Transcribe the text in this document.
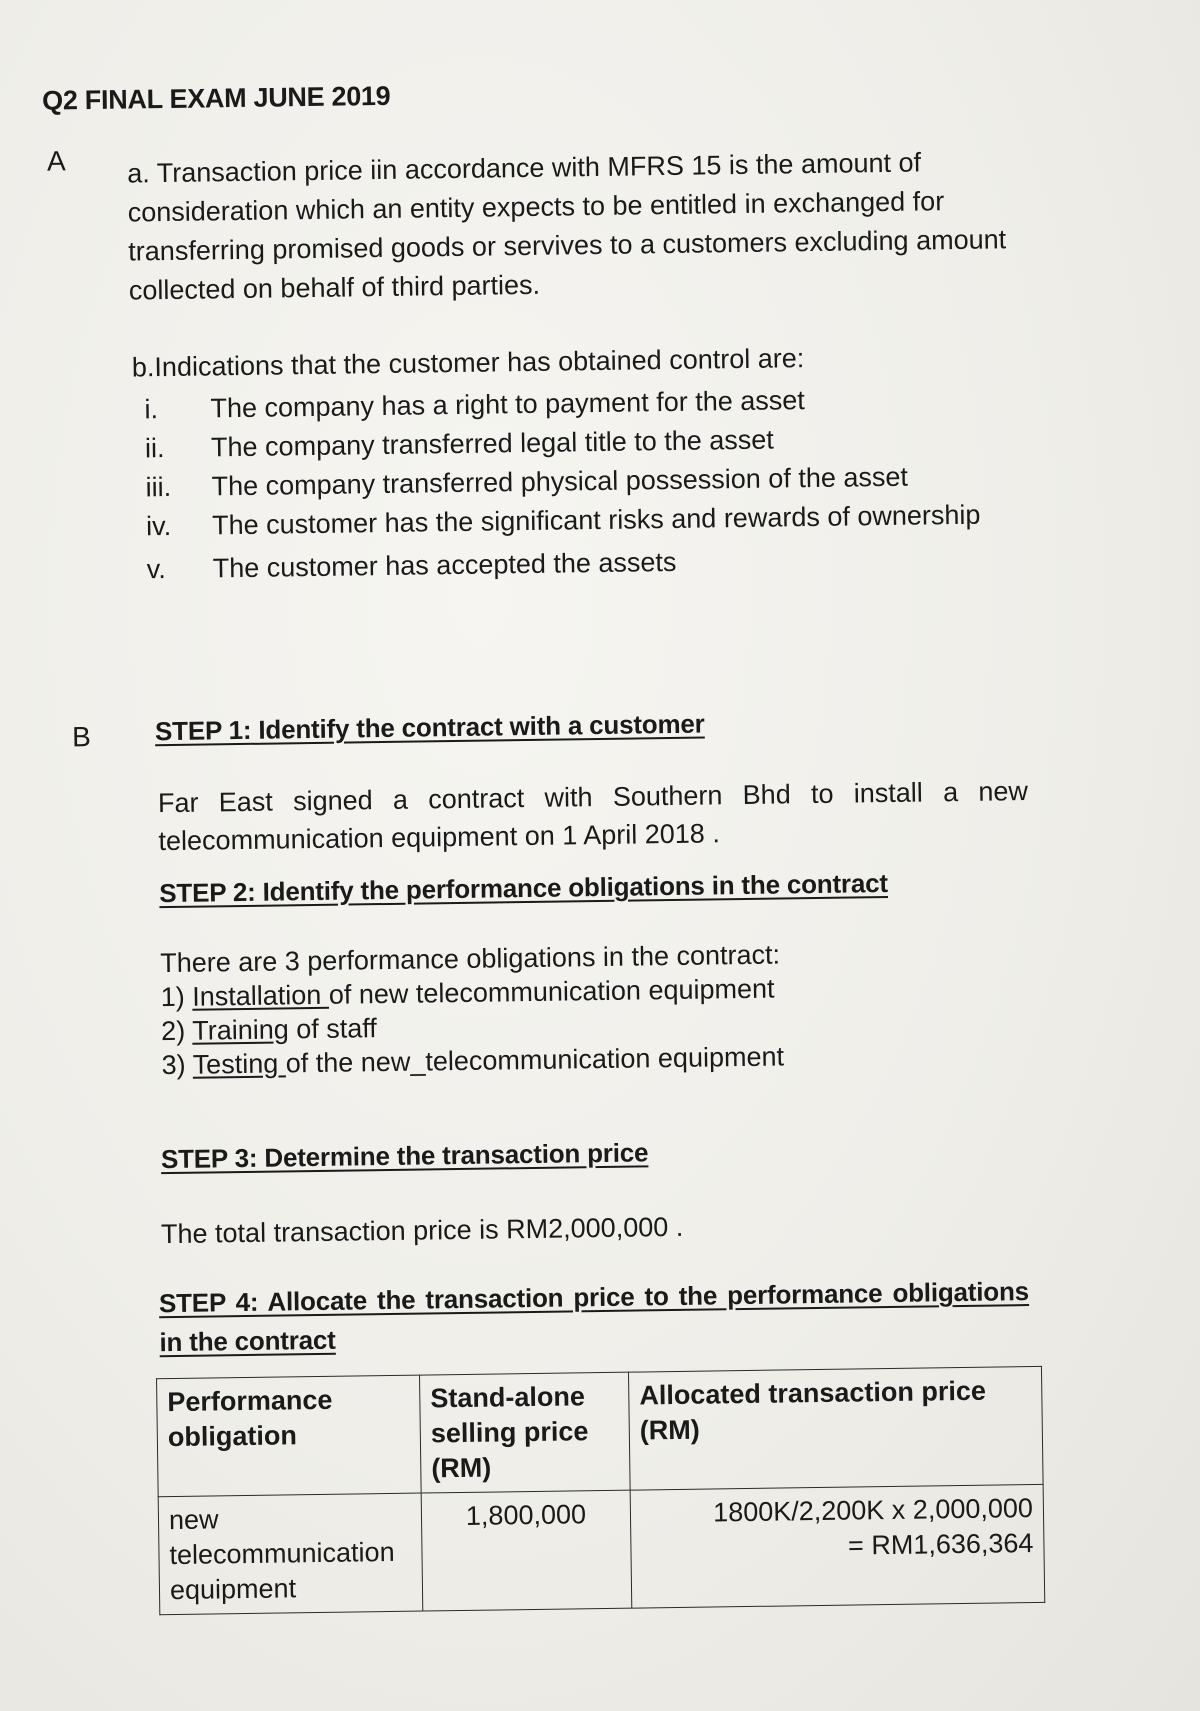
Q2 FINAL EXAM JUNE 2019
A a. Transaction price iin accordance with MFRS 15 is the amount of consideration which an entity expects to be entitled in exchanged for transferring promised goods or servives to a customers excluding amount collected on behalf of third parties.
b.Indications that the customer has obtained control are:
i.	The company has a right to payment for the asset
ii.	The company transferred legal title to the asset
iii.	The company transferred physical possession of the asset
iv.	The customer has the significant risks and rewards of ownership
v.	The customer has accepted the assets
B STEP 1: Identify the contract with a customer
Far East signed a contract with Southern Bhd to install a new telecommunication equipment on 1 April 2018 .
STEP 2: Identify the performance obligations in the contract
There are 3 performance obligations in the contract:
1) Installation of new telecommunication equipment
2) Training of staff
3) Testing of the new_telecommunication equipment
STEP 3: Determine the transaction price
The total transaction price is RM2,000,000 .
STEP 4: Allocate the transaction price to the performance obligations in the contract
Performance obligation	Stand-alone selling price (RM)	Allocated transaction price (RM)
new telecommunication equipment	1,800,000	1800K/2,200K x 2,000,000
= RM1,636,364
